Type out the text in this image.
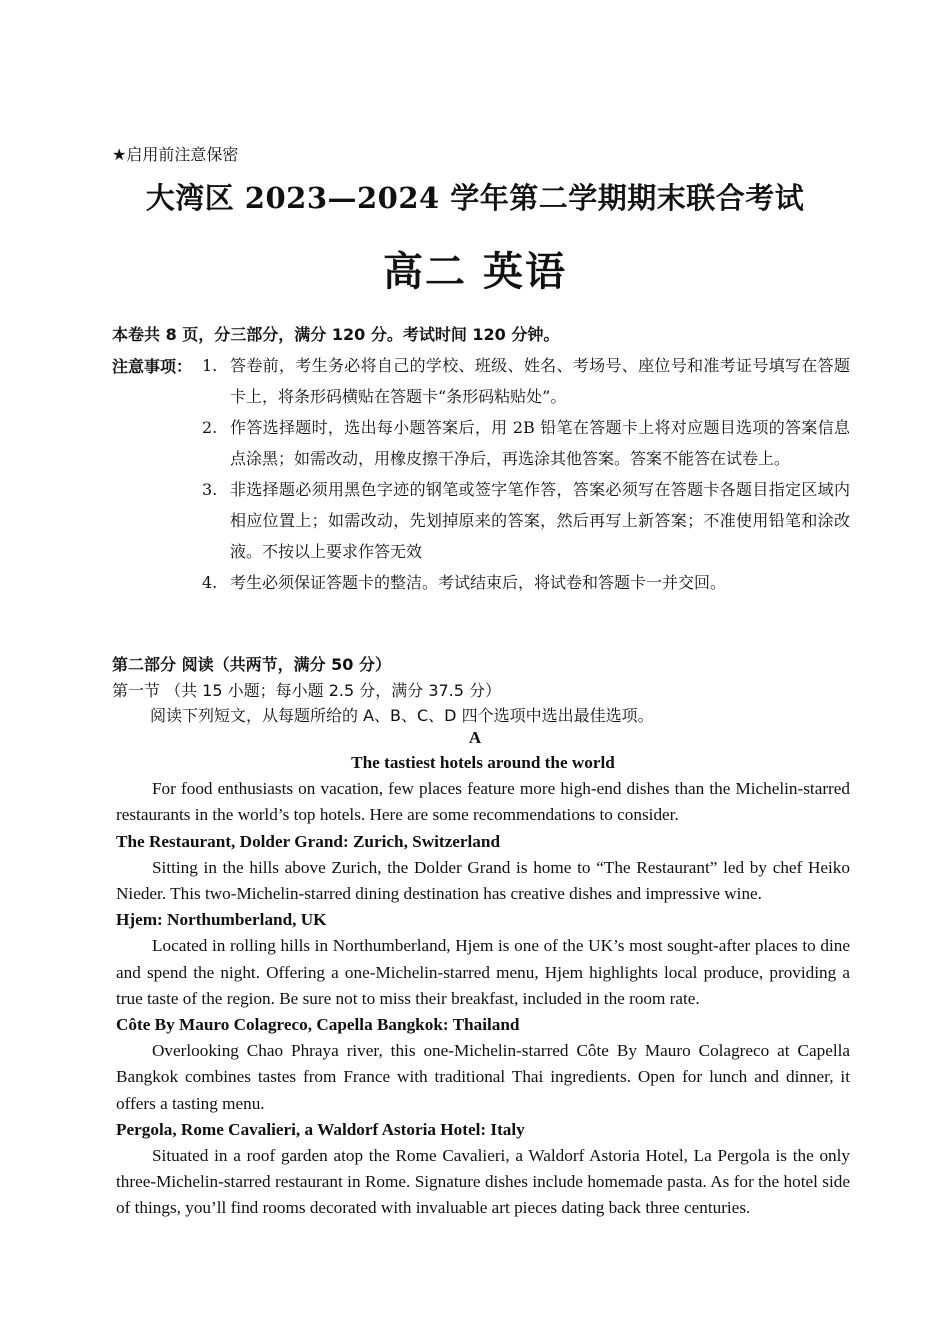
★启用前注意保密
大湾区 2023—2024 学年第二学期期末联合考试
高二 英语
本卷共 8 页，分三部分，满分 120 分。考试时间 120 分钟。
注意事项： 1. 答卷前，考生务必将自己的学校、班级、姓名、考场号、座位号和准考证号填写在答题卡上，将条形码横贴在答题卡“条形码粘贴处”。
2. 作答选择题时，选出每小题答案后，用 2B 铅笔在答题卡上将对应题目选项的答案信息点涂黑；如需改动，用橡皮擦干净后，再选涂其他答案。答案不能答在试卷上。
3. 非选择题必须用黑色字迹的钢笔或签字笔作答，答案必须写在答题卡各题目指定区域内相应位置上；如需改动，先划掉原来的答案，然后再写上新答案；不准使用铅笔和涂改液。不按以上要求作答无效
4. 考生必须保证答题卡的整洁。考试结束后，将试卷和答题卡一并交回。
第二部分 阅读（共两节，满分 50 分）
第一节 （共 15 小题；每小题 2.5 分，满分 37.5 分）
阅读下列短文，从每题所给的 A、B、C、D 四个选项中选出最佳选项。
A

The tastiest hotels around the world

For food enthusiasts on vacation, few places feature more high-end dishes than the Michelin-starred restaurants in the world’s top hotels. Here are some recommendations to consider.

The Restaurant, Dolder Grand: Zurich, Switzerland

Sitting in the hills above Zurich, the Dolder Grand is home to “The Restaurant” led by chef Heiko Nieder. This two-Michelin-starred dining destination has creative dishes and impressive wine.

Hjem: Northumberland, UK

Located in rolling hills in Northumberland, Hjem is one of the UK’s most sought-after places to dine and spend the night. Offering a one-Michelin-starred menu, Hjem highlights local produce, providing a true taste of the region. Be sure not to miss their breakfast, included in the room rate.

Côte By Mauro Colagreco, Capella Bangkok: Thailand

Overlooking Chao Phraya river, this one-Michelin-starred Côte By Mauro Colagreco at Capella Bangkok combines tastes from France with traditional Thai ingredients. Open for lunch and dinner, it offers a tasting menu.

Pergola, Rome Cavalieri, a Waldorf Astoria Hotel: Italy

Situated in a roof garden atop the Rome Cavalieri, a Waldorf Astoria Hotel, La Pergola is the only three-Michelin-starred restaurant in Rome. Signature dishes include homemade pasta. As for the hotel side of things, you’ll find rooms decorated with invaluable art pieces dating back three centuries.
